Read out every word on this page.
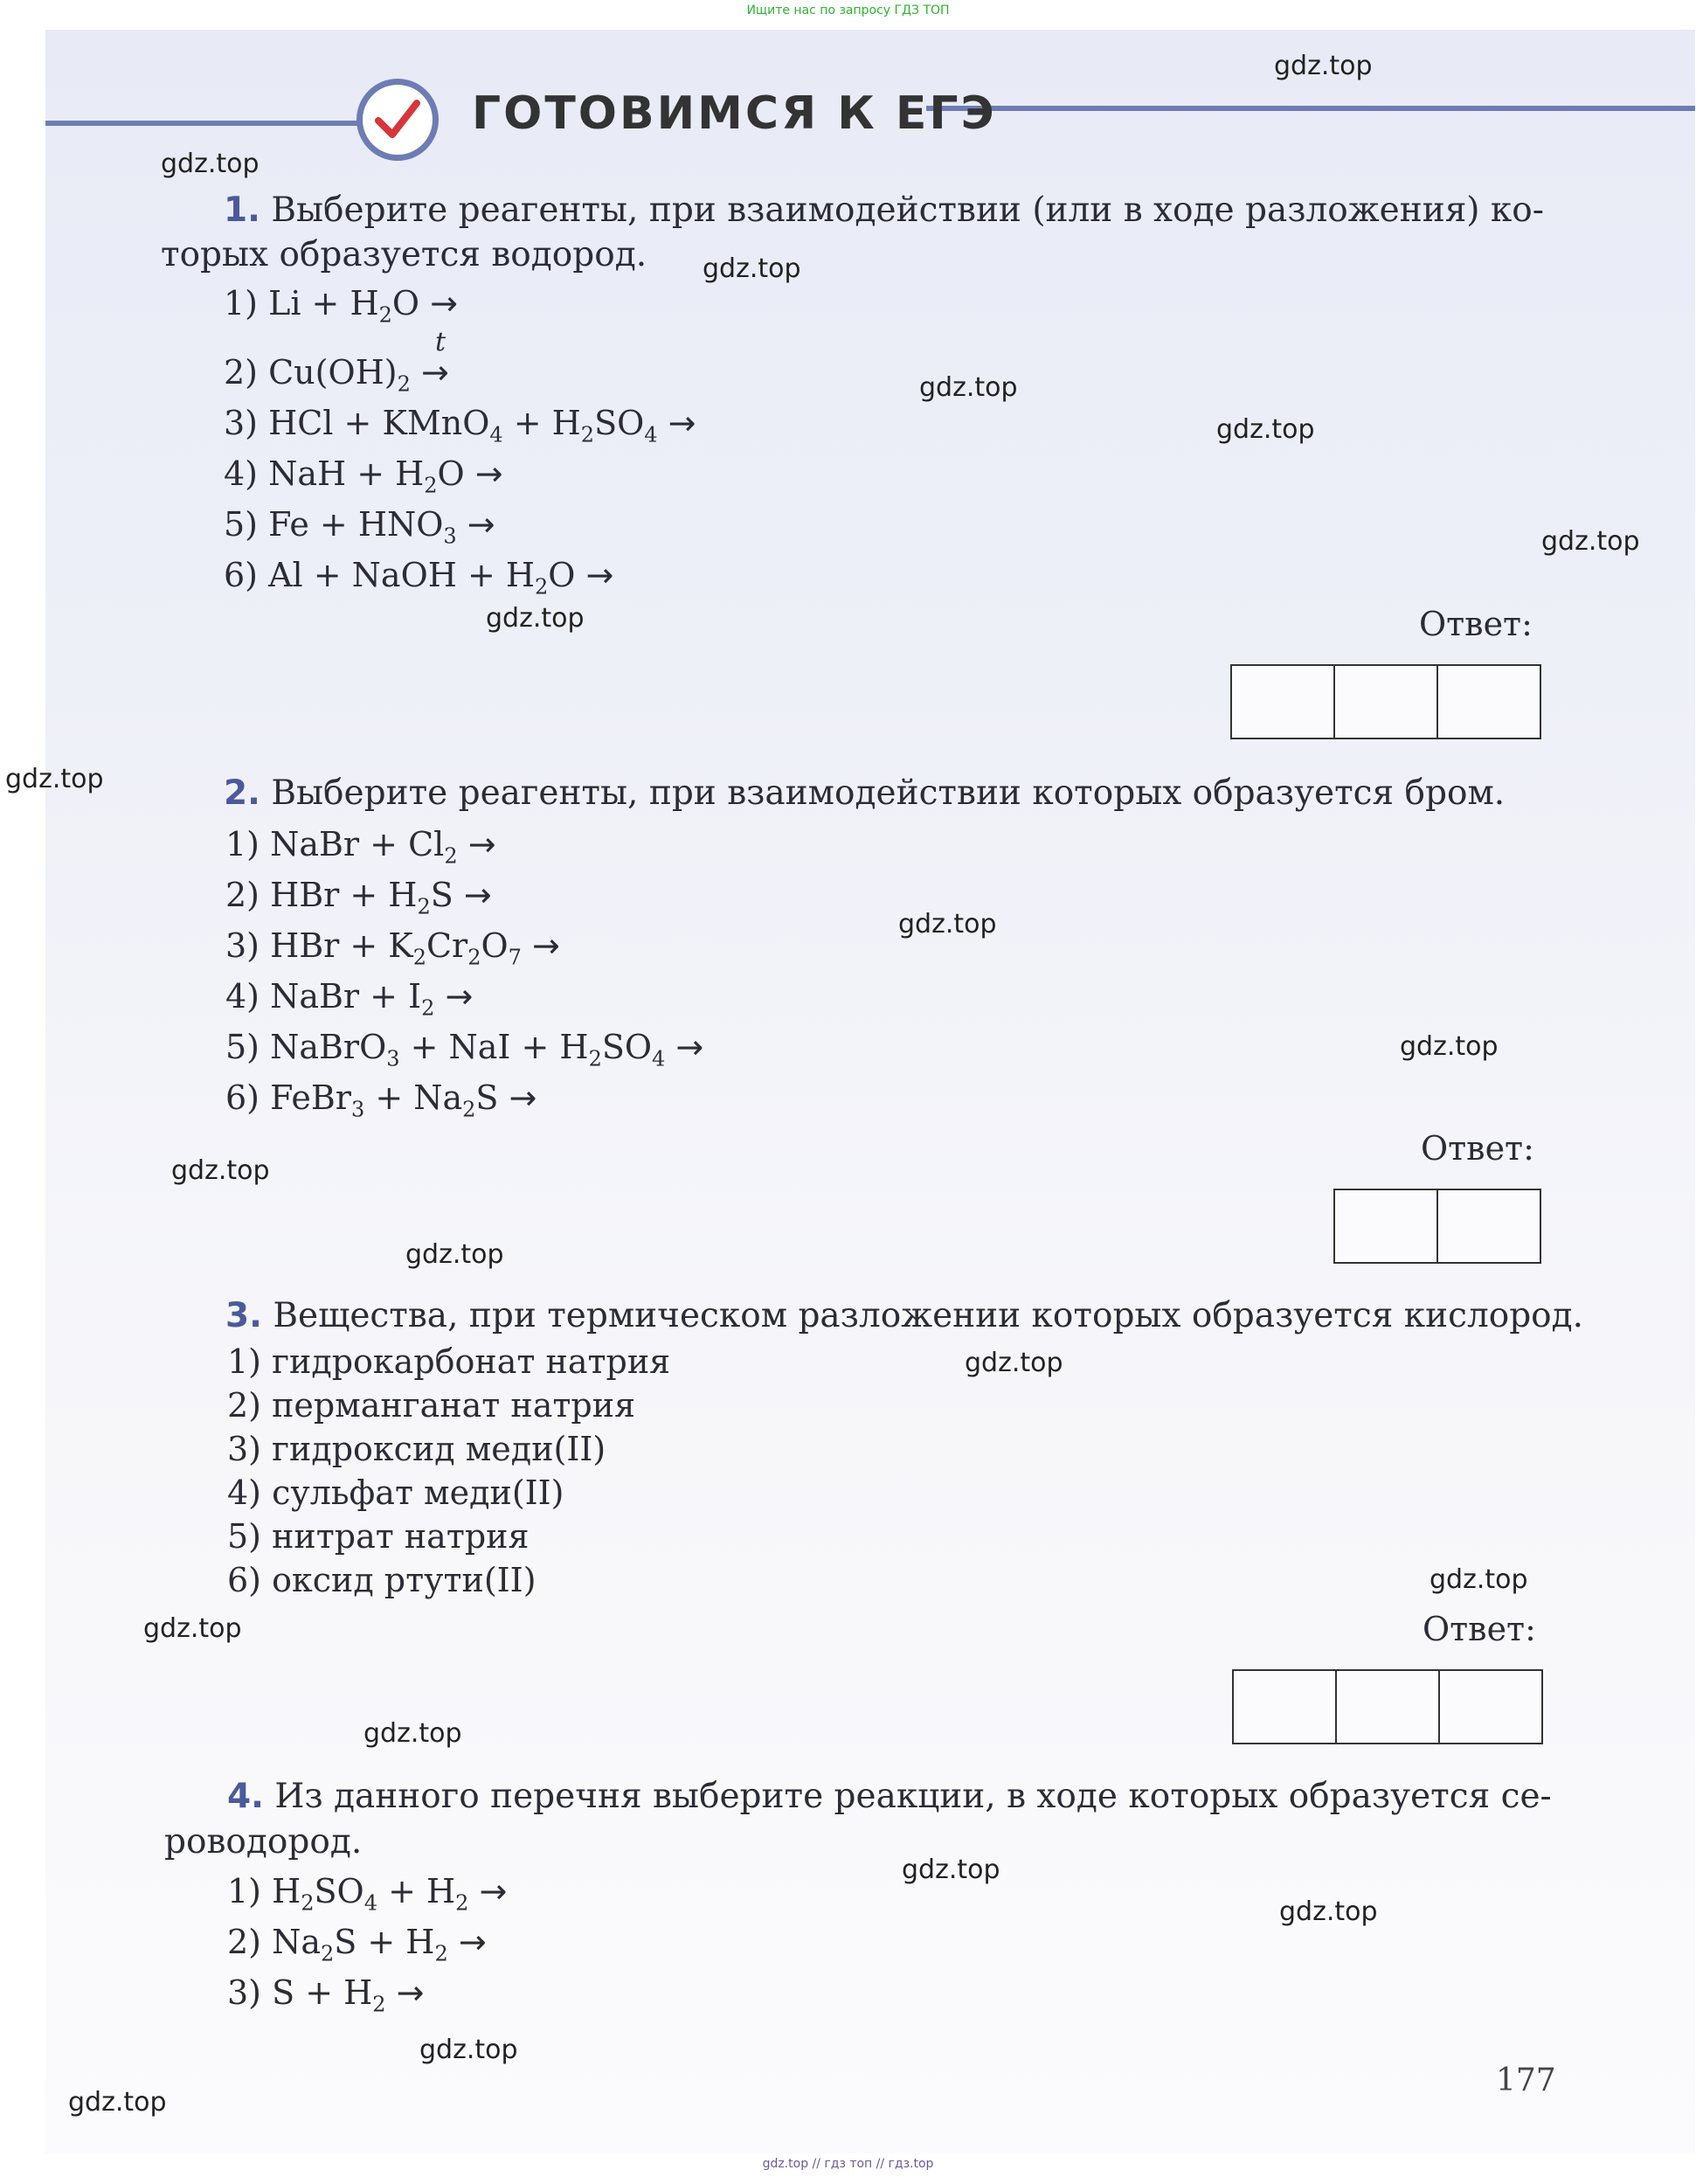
Ищите нас по запросу ГДЗ ТОП
ГОТОВИМСЯ К ЕГЭ
1. Выберите реагенты, при взаимодействии (или в ходе разложения) ко-
торых образуется водород.
1) $Li + H_2O$ →
2) $Cu(OH)_2$
t
→
3) HCl + KMnO$_4$ + $H_2SO_4$ →
4) NaH + $H_2O$ →
5) $Fe + HNO_3$ →
6) Al + NaOH + $H_2O$ →
Ответ:
2. Выберите реагенты, при взаимодействии которых образуется бром.
1) NaBr + $Cl_2$ →
2) HBr + $H_2S$ →
3) HBr + $K_2Cr_2O_7$ →
4) NaBr + $I_2$ →
5) NaBrO$_3$ + NaI + $H_2SO_4$ →
6) FeBr$_3$ + $Na_2S$ →
Ответ:
3. Вещества, при термическом разложении которых образуется кислород.
1) гидрокарбонат натрия
2) перманганат натрия
3) гидроксид меди(II)
4) сульфат меди(II)
5) нитрат натрия
6) оксид ртути(II)
Ответ:
4. Из данного перечня выберите реакции, в ходе которых образуется се-
роводород.
1) $H_2SO_4 + H_2$ →
2) $Na_2S + H_2$ →
3) $S + H_2$ →
177
gdz.top
gdz.top
gdz.top
gdz.top
gdz.top
gdz.top
gdz.top
gdz.top
gdz.top
gdz.top
gdz.top
gdz.top
gdz.top
gdz.top
gdz.top
gdz.top
gdz.top
gdz.top
gdz.top
gdz.top
gdz.top // гдз топ // гдз.top
